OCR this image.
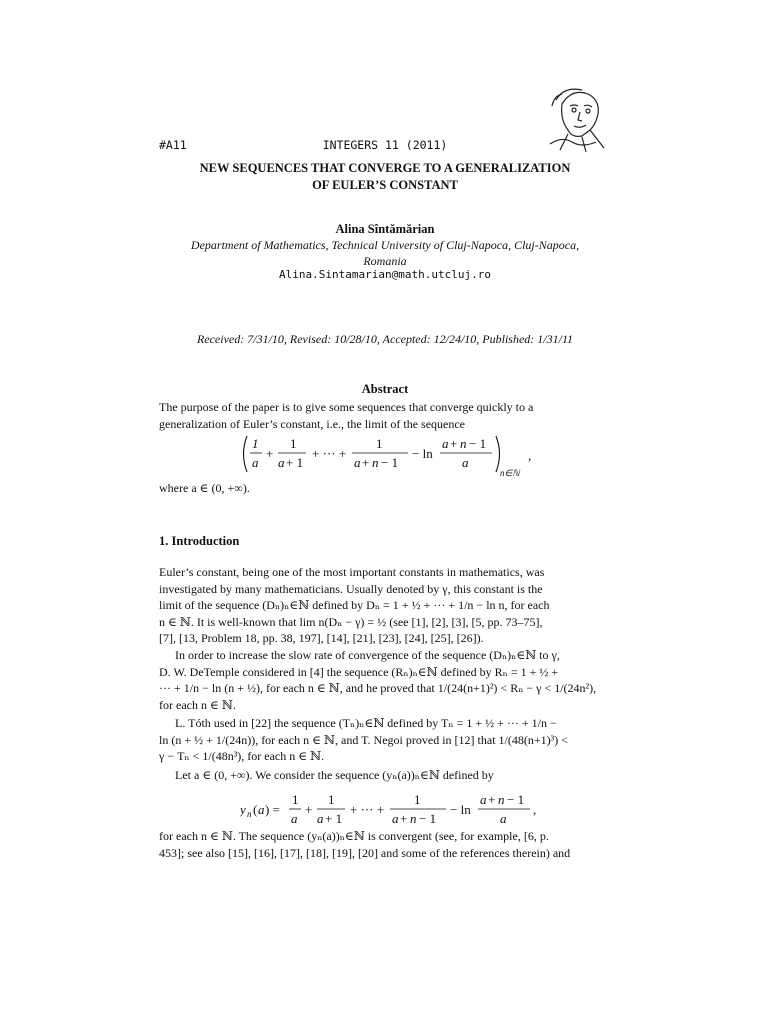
#A11	INTEGERS 11 (2011)
NEW SEQUENCES THAT CONVERGE TO A GENERALIZATION
OF EULER’S CONSTANT
Alina Sîntămărian
Department of Mathematics, Technical University of Cluj-Napoca, Cluj-Napoca,
Romania
Alina.Sintamarian@math.utcluj.ro
Received: 7/31/10, Revised: 10/28/10, Accepted: 12/24/10, Published: 1/31/11
Abstract
The purpose of the paper is to give some sequences that converge quickly to a
generalization of Euler’s constant, i.e., the limit of the sequence
1
a
+
1
a + 1
+ ··· +
1
a + n − 1
− ln
a + n − 1
a
n∈ℕ
,
where a ∈ (0, +∞).
1. Introduction
Euler’s constant, being one of the most important constants in mathematics, was
investigated by many mathematicians. Usually denoted by γ, this constant is the
limit of the sequence (Dₙ)ₙ∈ℕ defined by Dₙ = 1 + ½ + ··· + 1/n − ln n, for each
n ∈ ℕ. It is well-known that lim n(Dₙ − γ) = ½ (see [1], [2], [3], [5, pp. 73–75],
[7], [13, Problem 18, pp. 38, 197], [14], [21], [23], [24], [25], [26]).
In order to increase the slow rate of convergence of the sequence (Dₙ)ₙ∈ℕ to γ,
D. W. DeTemple considered in [4] the sequence (Rₙ)ₙ∈ℕ defined by Rₙ = 1 + ½ +
··· + 1/n − ln (n + ½), for each n ∈ ℕ, and he proved that 1/(24(n+1)²) < Rₙ − γ < 1/(24n²),
for each n ∈ ℕ.
L. Tóth used in [22] the sequence (Tₙ)ₙ∈ℕ defined by Tₙ = 1 + ½ + ··· + 1/n −
ln (n + ½ + 1/(24n)), for each n ∈ ℕ, and T. Negoi proved in [12] that 1/(48(n+1)³) <
γ − Tₙ < 1/(48n³), for each n ∈ ℕ.
Let a ∈ (0, +∞). We consider the sequence (yₙ(a))ₙ∈ℕ defined by
y n ( a ) =
1
a
+
1
a + 1
+ ··· +
1
a + n − 1
− ln
a + n − 1
a
,
for each n ∈ ℕ. The sequence (yₙ(a))ₙ∈ℕ is convergent (see, for example, [6, p.
453]; see also [15], [16], [17], [18], [19], [20] and some of the references therein) and
